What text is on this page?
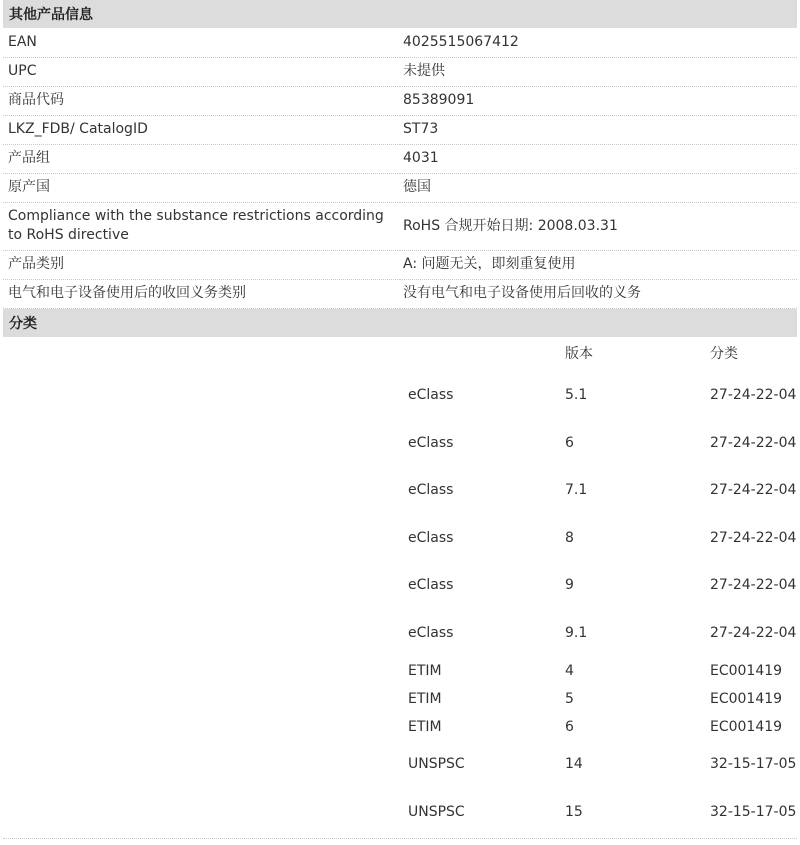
其他产品信息
EAN	4025515067412
UPC	未提供
商品代码	85389091
LKZ_FDB/ CatalogID	ST73
产品组	4031
原产国	德国
Compliance with the substance restrictions according to RoHS directive	RoHS 合规开始日期: 2008.03.31
产品类别	A: 问题无关，即刻重复使用
电气和电子设备使用后的收回义务类别	没有电气和电子设备使用后回收的义务
分类
	版本	分类
eClass	5.1	27-24-22-04
eClass	6	27-24-22-04
eClass	7.1	27-24-22-04
eClass	8	27-24-22-04
eClass	9	27-24-22-04
eClass	9.1	27-24-22-04
ETIM	4	EC001419
ETIM	5	EC001419
ETIM	6	EC001419
UNSPSC	14	32-15-17-05
UNSPSC	15	32-15-17-05
